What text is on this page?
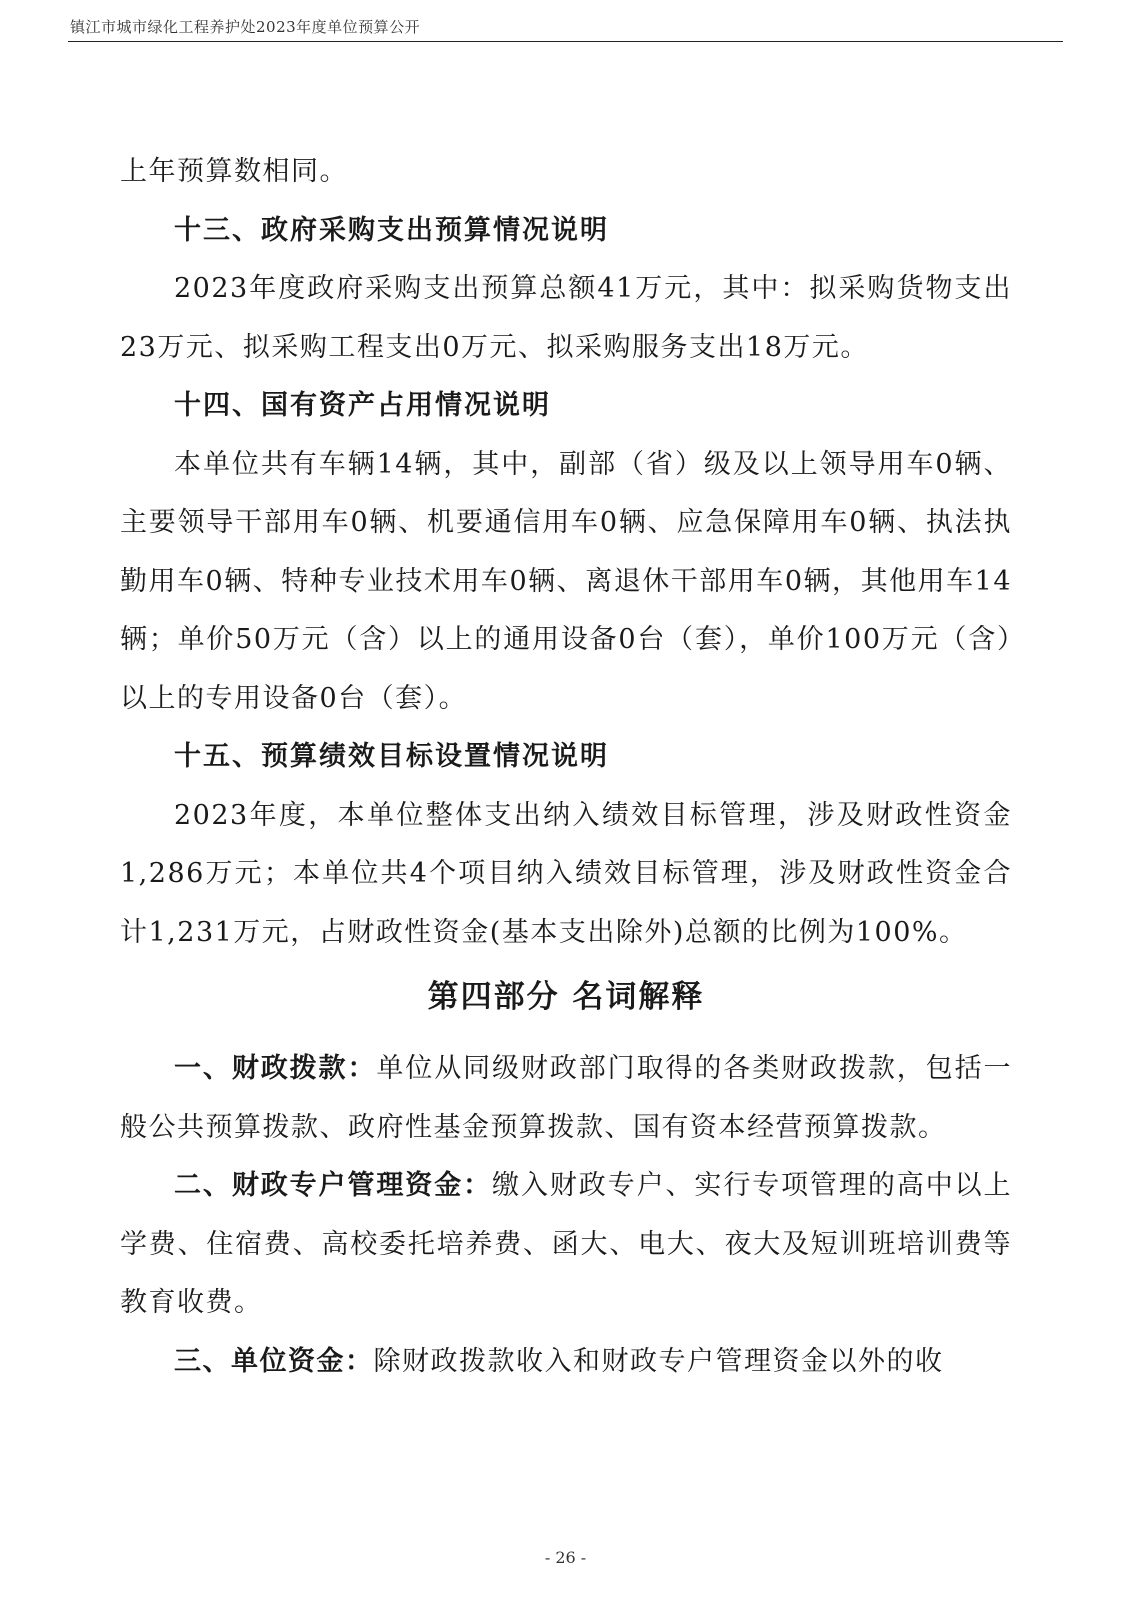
镇江市城市绿化工程养护处2023年度单位预算公开

上年预算数相同。

十三、政府采购支出预算情况说明

2023年度政府采购支出预算总额41万元，其中：拟采购货物支出23万元、拟采购工程支出0万元、拟采购服务支出18万元。

十四、国有资产占用情况说明

本单位共有车辆14辆，其中，副部（省）级及以上领导用车0辆、主要领导干部用车0辆、机要通信用车0辆、应急保障用车0辆、执法执勤用车0辆、特种专业技术用车0辆、离退休干部用车0辆，其他用车14辆；单价50万元（含）以上的通用设备0台（套），单价100万元（含）以上的专用设备0台（套）。

十五、预算绩效目标设置情况说明

2023年度，本单位整体支出纳入绩效目标管理，涉及财政性资金1,286万元；本单位共4个项目纳入绩效目标管理，涉及财政性资金合计1,231万元，占财政性资金(基本支出除外)总额的比例为100%。

第四部分 名词解释

一、财政拨款：单位从同级财政部门取得的各类财政拨款，包括一般公共预算拨款、政府性基金预算拨款、国有资本经营预算拨款。

二、财政专户管理资金：缴入财政专户、实行专项管理的高中以上学费、住宿费、高校委托培养费、函大、电大、夜大及短训班培训费等教育收费。

三、单位资金：除财政拨款收入和财政专户管理资金以外的收

- 26 -
